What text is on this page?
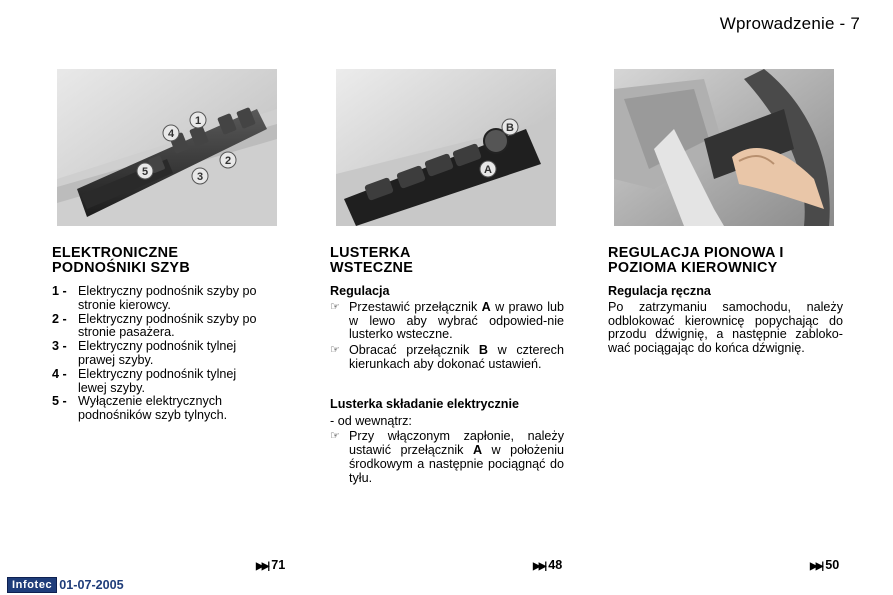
Wprowadzenie - 7
1
2
3
4
5	A
B
ELEKTRONICZNE
PODNOŚNIKI SZYB
1 - Elektryczny podnośnik szyby po
stronie kierowcy.
2 - Elektryczny podnośnik szyby po
stronie pasażera.
3 - Elektryczny podnośnik tylnej
prawej szyby.
4 - Elektryczny podnośnik tylnej
lewej szyby.
5 - Wyłączenie elektrycznych
podnośników szyb tylnych.
LUSTERKA
WSTECZNE
Regulacja
☞ Przestawić przełącznik A w prawo lub w lewo aby wybrać odpowied-nie lusterko wsteczne.
☞ Obracać przełącznik B w czterech kierunkach aby dokonać ustawień.
Lusterka składanie elektrycznie
- od wewnątrz:
☞ Przy włączonym zapłonie, należy ustawić przełącznik A w położeniu środkowym a następnie pociągnąć do tyłu.
REGULACJA PIONOWA I
POZIOMA KIEROWNICY
Regulacja ręczna
Po zatrzymaniu samochodu, należy odblokować kierownicę popychając do przodu dźwignię, a następnie zabloko-wać pociągając do końca dźwignię.
▶▶| 71	▶▶| 48	▶▶| 50
Infotec 01-07-2005
